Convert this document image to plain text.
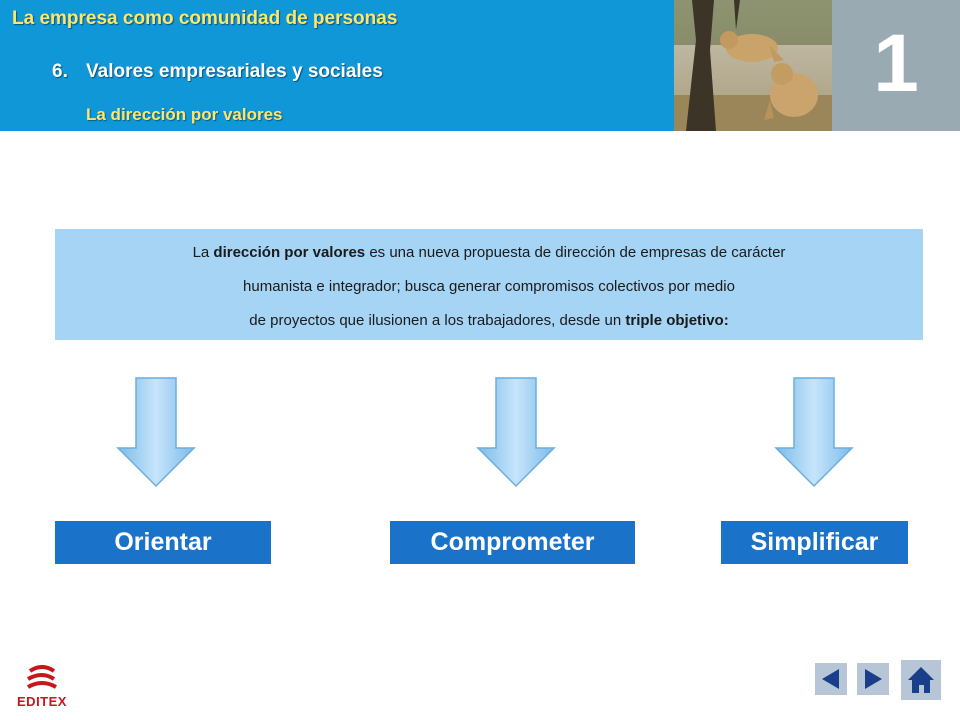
La empresa como comunidad de personas
6. Valores empresariales y sociales
La dirección por valores
1

La dirección por valores es una nueva propuesta de dirección de empresas de carácter

humanista e integrador; busca generar compromisos colectivos por medio

de proyectos que ilusionen a los trabajadores, desde un triple objetivo:

Orientar	Comprometer	Simplificar
EDITEX
